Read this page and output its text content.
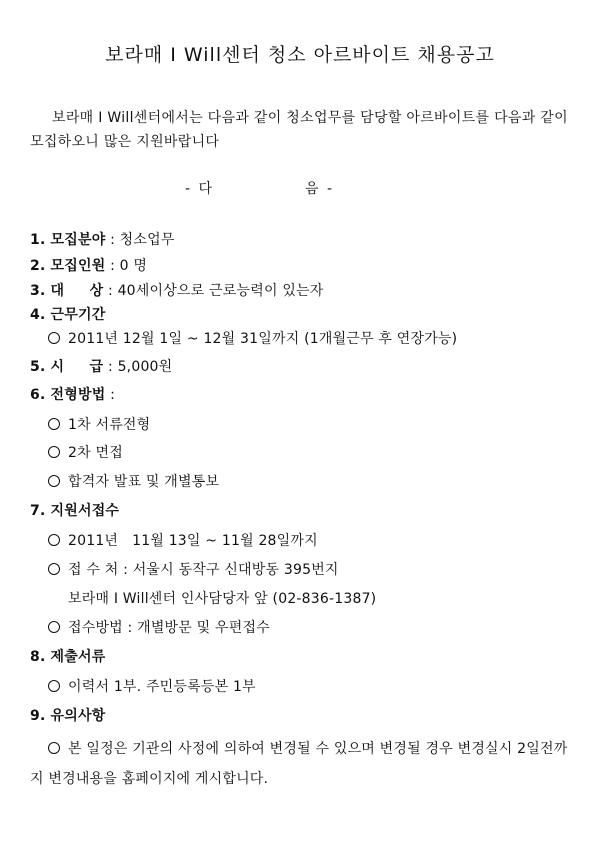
보라매 I Will센터 청소 아르바이트 채용공고
보라매 I Will센터에서는 다음과 같이 청소업무를 담당할 아르바이트를 다음과 같이 모집하오니 많은 지원바랍니다
- 다	음 -
1. 모집분야 : 청소업무
2. 모집인원 : 0 명
3. 대     상 : 40세이상으로 근로능력이 있는자
4. 근무기간
2011년 12월 1일 ~ 12월 31일까지 (1개월근무 후 연장가능)
5. 시     급 : 5,000원
6. 전형방법 :
1차 서류전형
2차 면접
합격자 발표 및 개별통보
7. 지원서접수
2011년   11월 13일 ~ 11월 28일까지
접 수 처 : 서울시 동작구 신대방동 395번지
보라매 I Will센터 인사담당자 앞 (02-836-1387)
접수방법 : 개별방문 및 우편접수
8. 제출서류
이력서 1부. 주민등록등본 1부
9. 유의사항
본 일정은 기관의 사정에 의하여 변경될 수 있으며 변경될 경우 변경실시 2일전까지 변경내용을 홈페이지에 게시합니다.
